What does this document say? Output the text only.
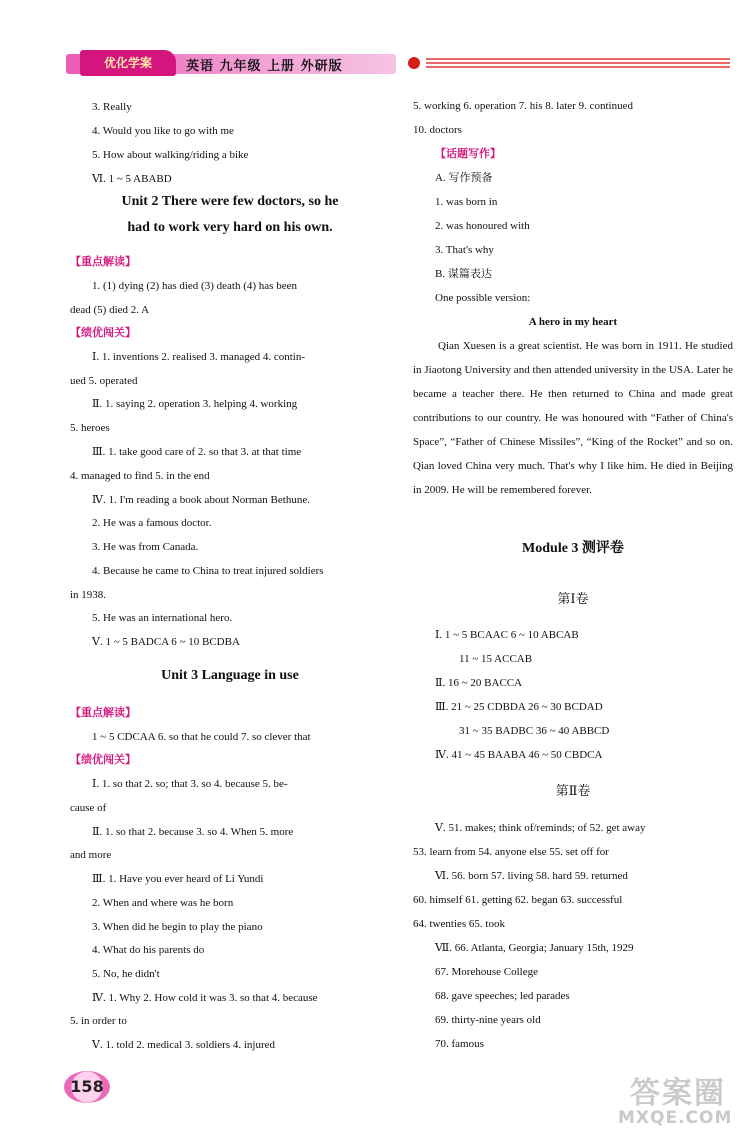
优化学案	英语 九年级 上册 外研版
3. Really
4. Would you like to go with me
5. How about walking/riding a bike
Ⅵ. 1 ~ 5 ABABD
Unit 2 There were few doctors, so he
had to work very hard on his own.
【重点解读】
1. (1) dying (2) has died (3) death (4) has been
dead (5) died 2. A
【绩优闯关】
Ⅰ. 1. inventions 2. realised 3. managed 4. contin-
ued 5. operated
Ⅱ. 1. saying 2. operation 3. helping 4. working
5. heroes
Ⅲ. 1. take good care of 2. so that 3. at that time
4. managed to find 5. in the end
Ⅳ. 1. I'm reading a book about Norman Bethune.
2. He was a famous doctor.
3. He was from Canada.
4. Because he came to China to treat injured soldiers
in 1938.
5. He was an international hero.
Ⅴ. 1 ~ 5 BADCA 6 ~ 10 BCDBA
Unit 3 Language in use
【重点解读】
1 ~ 5 CDCAA 6. so that he could 7. so clever that
【绩优闯关】
Ⅰ. 1. so that 2. so; that 3. so 4. because 5. be-
cause of
Ⅱ. 1. so that 2. because 3. so 4. When 5. more
and more
Ⅲ. 1. Have you ever heard of Li Yundi
2. When and where was he born
3. When did he begin to play the piano
4. What do his parents do
5. No, he didn't
Ⅳ. 1. Why 2. How cold it was 3. so that 4. because
5. in order to
Ⅴ. 1. told 2. medical 3. soldiers 4. injured
5. working 6. operation 7. his 8. later 9. continued
10. doctors
【话题写作】
A. 写作预备
1. was born in
2. was honoured with
3. That's why
B. 谋篇表达
One possible version:
A hero in my heart
Qian Xuesen is a great scientist. He was born in 1911. He studied in Jiaotong University and then attended university in the USA. Later he became a teacher there. He then returned to China and made great contributions to our country. He was honoured with “Father of China's Space”, “Father of Chinese Missiles”, “King of the Rocket” and so on. Qian loved China very much. That's why I like him. He died in Beijing in 2009. He will be remembered forever.
Module 3 测评卷
第Ⅰ卷
Ⅰ. 1 ~ 5 BCAAC 6 ~ 10 ABCAB
11 ~ 15 ACCAB
Ⅱ. 16 ~ 20 BACCA
Ⅲ. 21 ~ 25 CDBDA 26 ~ 30 BCDAD
31 ~ 35 BADBC 36 ~ 40 ABBCD
Ⅳ. 41 ~ 45 BAABA 46 ~ 50 CBDCA
第Ⅱ卷
Ⅴ. 51. makes; think of/reminds; of 52. get away
53. learn from 54. anyone else 55. set off for
Ⅵ. 56. born 57. living 58. hard 59. returned
60. himself 61. getting 62. began 63. successful
64. twenties 65. took
Ⅶ. 66. Atlanta, Georgia; January 15th, 1929
67. Morehouse College
68. gave speeches; led parades
69. thirty-nine years old
70. famous
158	答案圈
MXQE.COM
